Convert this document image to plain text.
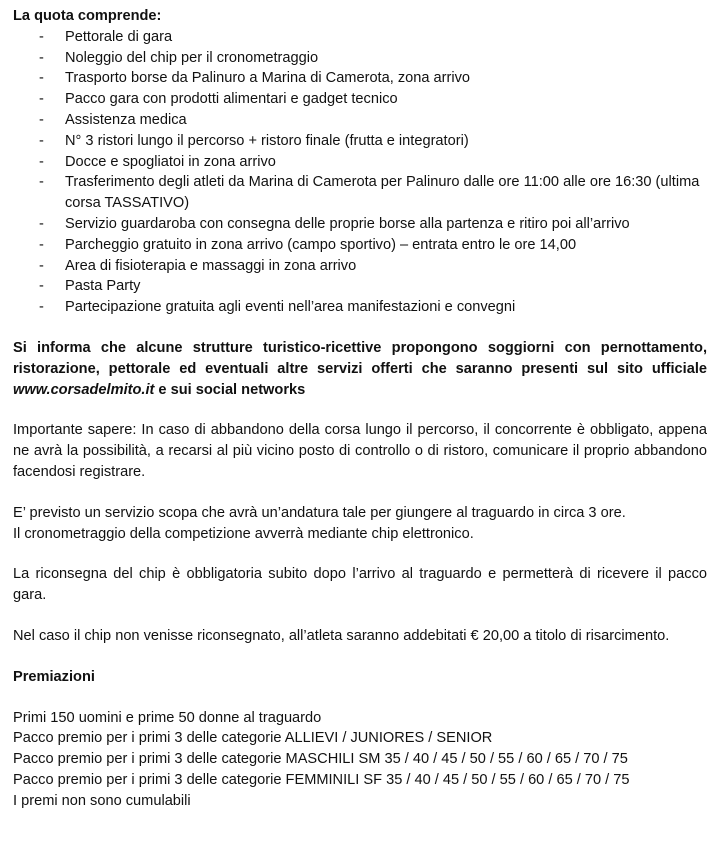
La quota comprende:

- Pettorale di gara
- Noleggio del chip per il cronometraggio
- Trasporto borse da Palinuro a Marina di Camerota, zona arrivo
- Pacco gara con prodotti alimentari e gadget tecnico
- Assistenza medica
- N° 3 ristori lungo il percorso + ristoro finale (frutta e integratori)
- Docce e spogliatoi in zona arrivo
- Trasferimento degli atleti da Marina di Camerota per Palinuro dalle ore 11:00 alle ore 16:30 (ultima corsa TASSATIVO)
- Servizio guardaroba con consegna delle proprie borse alla partenza e ritiro poi all’arrivo
- Parcheggio gratuito in zona arrivo (campo sportivo) – entrata entro le ore 14,00
- Area di fisioterapia e massaggi in zona arrivo
- Pasta Party
- Partecipazione gratuita agli eventi nell’area manifestazioni e convegni

Si informa che alcune strutture turistico-ricettive propongono soggiorni con pernottamento, ristorazione, pettorale ed eventuali altre servizi offerti che saranno presenti sul sito ufficiale www.corsadelmito.it e sui social networks

Importante sapere: In caso di abbandono della corsa lungo il percorso, il concorrente è obbligato, appena ne avrà la possibilità, a recarsi al più vicino posto di controllo o di ristoro, comunicare il proprio abbandono facendosi registrare.

E’ previsto un servizio scopa che avrà un’andatura tale per giungere al traguardo in circa 3 ore.

Il cronometraggio della competizione avverrà mediante chip elettronico.

La riconsegna del chip è obbligatoria subito dopo l’arrivo al traguardo e permetterà di ricevere il pacco gara.

Nel caso il chip non venisse riconsegnato, all’atleta saranno addebitati € 20,00 a titolo di risarcimento.

Premiazioni

Primi 150 uomini e prime 50 donne al traguardo

Pacco premio per i primi 3 delle categorie ALLIEVI / JUNIORES / SENIOR

Pacco premio per i primi 3 delle categorie MASCHILI SM 35 / 40 / 45 / 50 / 55 / 60 / 65 / 70 / 75

Pacco premio per i primi 3 delle categorie FEMMINILI SF 35 / 40 / 45 / 50 / 55 / 60 / 65 / 70 / 75

I premi non sono cumulabili
